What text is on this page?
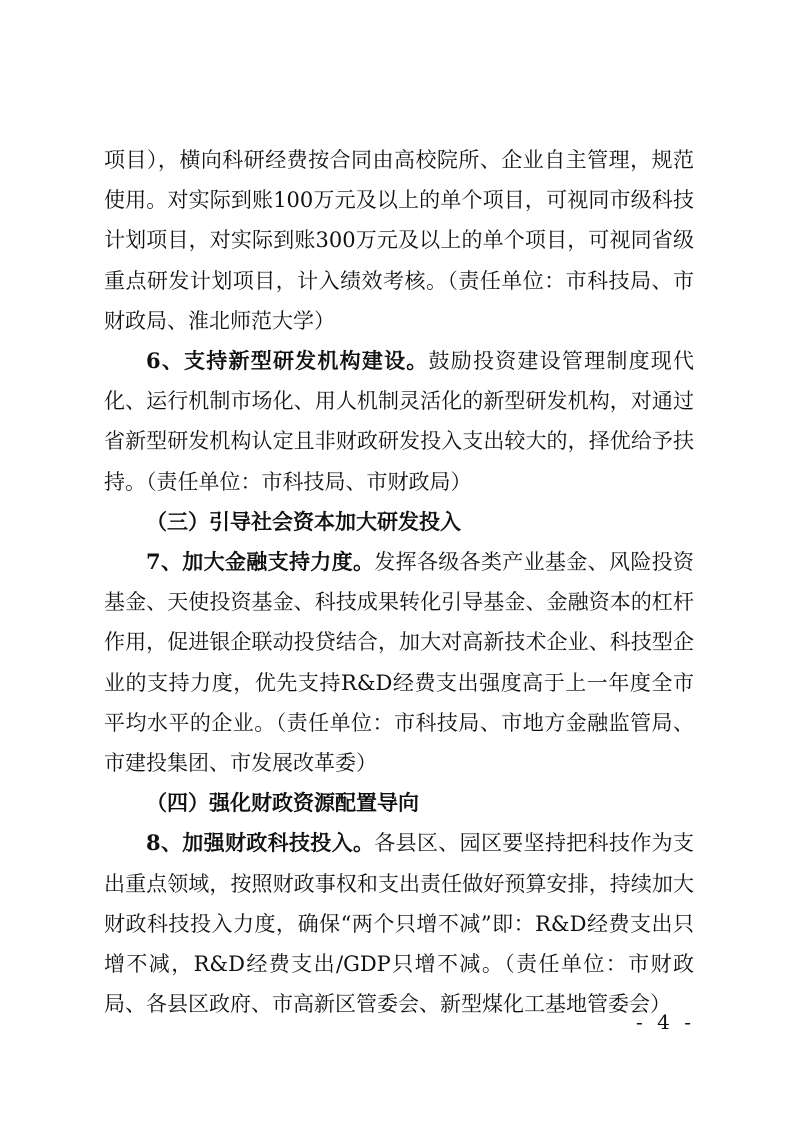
项目），横向科研经费按合同由高校院所、企业自主管理，规范使用。对实际到账100万元及以上的单个项目，可视同市级科技计划项目，对实际到账300万元及以上的单个项目，可视同省级重点研发计划项目，计入绩效考核。（责任单位：市科技局、市财政局、淮北师范大学）

6、支持新型研发机构建设。鼓励投资建设管理制度现代化、运行机制市场化、用人机制灵活化的新型研发机构，对通过省新型研发机构认定且非财政研发投入支出较大的，择优给予扶持。（责任单位：市科技局、市财政局）

（三）引导社会资本加大研发投入

7、加大金融支持力度。发挥各级各类产业基金、风险投资基金、天使投资基金、科技成果转化引导基金、金融资本的杠杆作用，促进银企联动投贷结合，加大对高新技术企业、科技型企业的支持力度，优先支持R&D经费支出强度高于上一年度全市平均水平的企业。（责任单位：市科技局、市地方金融监管局、市建投集团、市发展改革委）

（四）强化财政资源配置导向

8、加强财政科技投入。各县区、园区要坚持把科技作为支出重点领域，按照财政事权和支出责任做好预算安排，持续加大财政科技投入力度，确保“两个只增不减”即：R&D经费支出只增不减，R&D经费支出/GDP只增不减。（责任单位：市财政局、各县区政府、市高新区管委会、新型煤化工基地管委会）

- 4 -
